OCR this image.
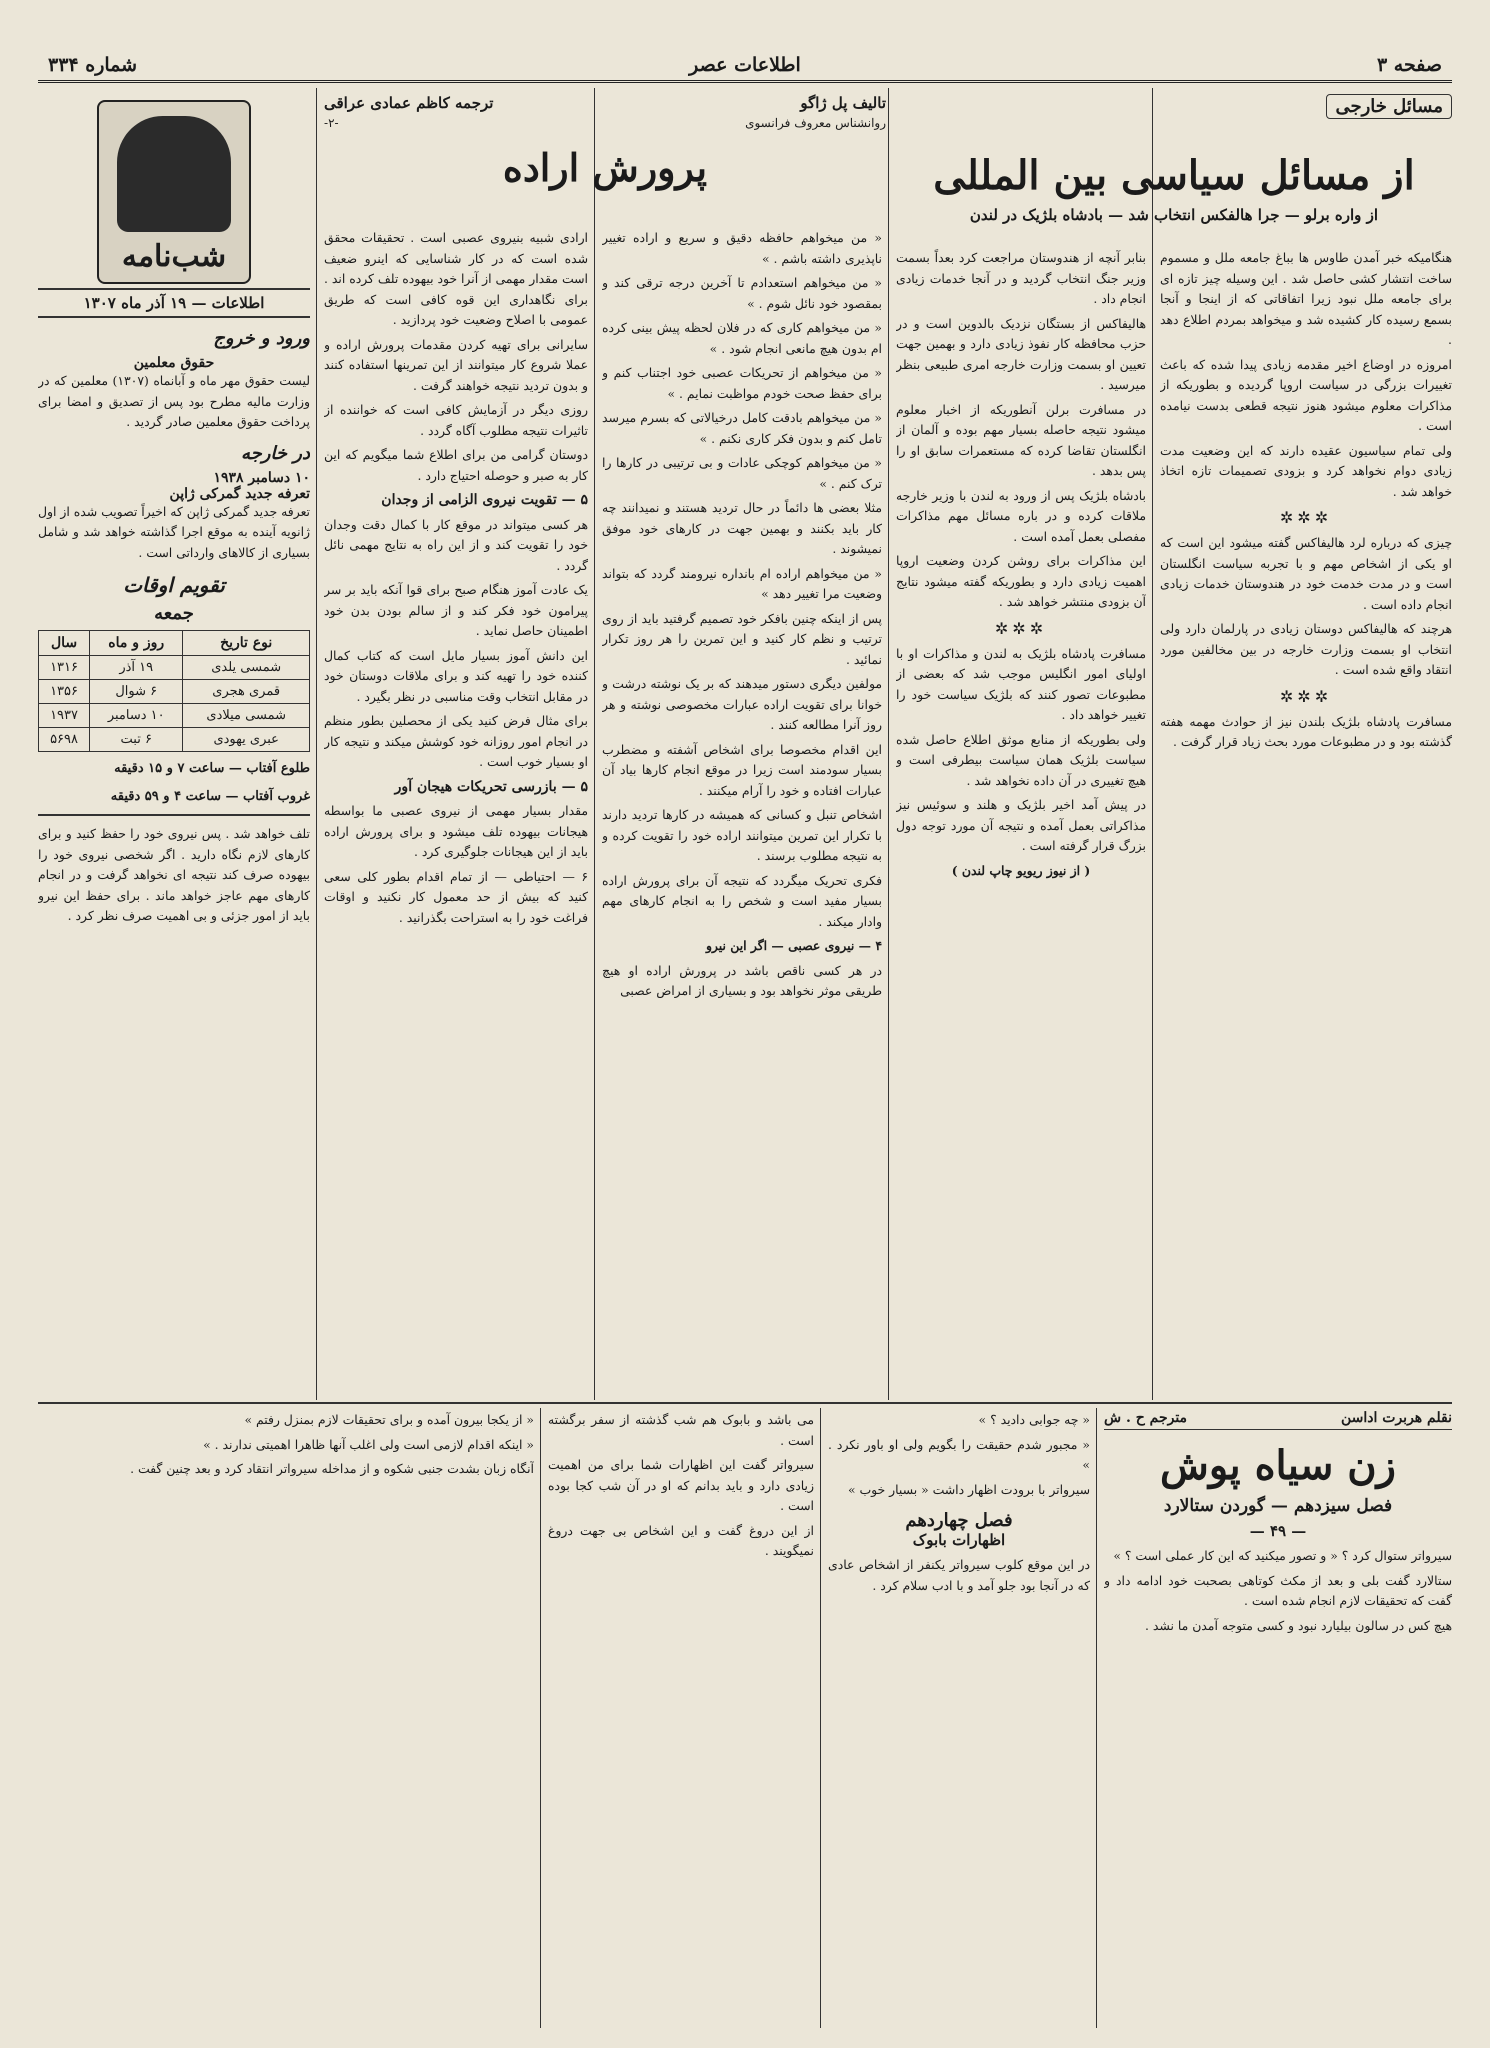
صفحه ۳
اطلاعات عصر
شماره ۳۳۴
مسائل خارجی
از مسائل سیاسی بین المللی
از واره برلو — جرا هالفکس انتخاب شد — بادشاه بلژیک در لندن

هنگامیکه خبر آمدن طاوس ها بباغ جامعه ملل و مسموم ساخت انتشار کشی حاصل شد . این وسیله چیز تازه ای برای جامعه ملل نبود زیرا اتفاقاتی که از اینجا و آنجا بسمع رسیده کار کشیده شد و میخواهد بمردم اطلاع دهد .

امروزه در اوضاع اخیر مقدمه زیادی پیدا شده که باعث تغییرات بزرگی در سیاست اروپا گردیده و بطوریکه از مذاکرات معلوم میشود هنوز نتیجه قطعی بدست نیامده است .

ولی تمام سیاسیون عقیده دارند که این وضعیت مدت زیادی دوام نخواهد کرد و بزودی تصمیمات تازه اتخاذ خواهد شد .

✲✲✲

چیزی که درباره لرد هالیفاکس گفته میشود این است که او یکی از اشخاص مهم و با تجربه سیاست انگلستان است و در مدت خدمت خود در هندوستان خدمات زیادی انجام داده است .

هرچند که هالیفاکس دوستان زیادی در پارلمان دارد ولی انتخاب او بسمت وزارت خارجه در بین مخالفین مورد انتقاد واقع شده است .

✲✲✲

مسافرت پادشاه بلژیک بلندن نیز از حوادث مهمه هفته گذشته بود و در مطبوعات مورد بحث زیاد قرار گرفت .

بنابر آنچه از هندوستان مراجعت کرد بعداً بسمت وزیر جنگ انتخاب گردید و در آنجا خدمات زیادی انجام داد .

هالیفاکس از بستگان نزدیک بالدوین است و در حزب محافظه کار نفوذ زیادی دارد و بهمین جهت تعیین او بسمت وزارت خارجه امری طبیعی بنظر میرسید .

در مسافرت برلن آنطوریکه از اخبار معلوم میشود نتیجه حاصله بسیار مهم بوده و آلمان از انگلستان تقاضا کرده که مستعمرات سابق او را پس بدهد .

بادشاه بلژیک پس از ورود به لندن با وزیر خارجه ملاقات کرده و در باره مسائل مهم مذاکرات مفصلی بعمل آمده است .

این مذاکرات برای روشن کردن وضعیت اروپا اهمیت زیادی دارد و بطوریکه گفته میشود نتایج آن بزودی منتشر خواهد شد .

✲✲✲

مسافرت پادشاه بلژیک به لندن و مذاکرات او با اولیای امور انگلیس موجب شد که بعضی از مطبوعات تصور کنند که بلژیک سیاست خود را تغییر خواهد داد .

ولی بطوریکه از منابع موثق اطلاع حاصل شده سیاست بلژیک همان سیاست بیطرفی است و هیچ تغییری در آن داده نخواهد شد .

در پیش آمد اخیر بلژیک و هلند و سوئیس نیز مذاکراتی بعمل آمده و نتیجه آن مورد توجه دول بزرگ قرار گرفته است .

( از نیوز ریویو چاپ لندن )

تالیف پل ژاگو
ترجمه کاظم عمادی عراقی
روانشناس معروف فرانسوی
-۲-
پرورش اراده

« من میخواهم حافظه دقیق و سریع و اراده تغییر ناپذیری داشته باشم . »

« من میخواهم استعدادم تا آخرین درجه ترقی کند و بمقصود خود نائل شوم . »

« من میخواهم کاری که در فلان لحظه پیش بینی کرده ام بدون هیچ مانعی انجام شود . »

« من میخواهم از تحریکات عصبی خود اجتناب کنم و برای حفظ صحت خودم مواظبت نمایم . »

« من میخواهم بادقت کامل درخیالاتی که بسرم میرسد تامل کنم و بدون فکر کاری نکنم . »

« من میخواهم کوچکی عادات و بی ترتیبی در کارها را ترک کنم . »

مثلا بعضی ها دائماً در حال تردید هستند و نمیدانند چه کار باید بکنند و بهمین جهت در کارهای خود موفق نمیشوند .

« من میخواهم اراده ام بانداره نیرومند گردد که بتواند وضعیت مرا تغییر دهد »

پس از اینکه چنین بافکر خود تصمیم گرفتید باید از روی ترتیب و نظم کار کنید و این تمرین را هر روز تکرار نمائید .

مولفین دیگری دستور میدهند که بر یک نوشته درشت و خوانا برای تقویت اراده عبارات مخصوصی نوشته و هر روز آنرا مطالعه کنند .

این اقدام مخصوصا برای اشخاص آشفته و مضطرب بسیار سودمند است زیرا در موقع انجام کارها بیاد آن عبارات افتاده و خود را آرام میکنند .

اشخاص تنبل و کسانی که همیشه در کارها تردید دارند با تکرار این تمرین میتوانند اراده خود را تقویت کرده و به نتیجه مطلوب برسند .

فکری تحریک میگردد که نتیجه آن برای پرورش اراده بسیار مفید است و شخص را به انجام کارهای مهم وادار میکند .

۴ — نیروی عصبی — اگر این نیرو

در هر کسی ناقص باشد در پرورش اراده او هیچ طریقی موثر نخواهد بود و بسیاری از امراض عصبی

ارادی شبیه بنیروی عصبی است . تحقیقات محقق شده است که در کار شناسایی که اینرو ضعیف است مقدار مهمی از آنرا خود بیهوده تلف کرده اند . برای نگاهداری این قوه کافی است که طریق عمومی با اصلاح وضعیت خود پردازید .

سایرانی برای تهیه کردن مقدمات پرورش اراده و عملا شروع کار میتوانند از این تمرینها استفاده کنند و بدون تردید نتیجه خواهند گرفت .

روزی دیگر در آزمایش کافی است که خواننده از تاثیرات نتیجه مطلوب آگاه گردد .

دوستان گرامی من برای اطلاع شما میگویم که این کار به صبر و حوصله احتیاج دارد .

۵ — تقویت نیروی الزامی از وجدان

هر کسی میتواند در موقع کار با کمال دقت وجدان خود را تقویت کند و از این راه به نتایج مهمی نائل گردد .

یک عادت آموز هنگام صبح برای قوا آنکه باید بر سر پیرامون خود فکر کند و از سالم بودن بدن خود اطمینان حاصل نماید .

این دانش آموز بسیار مایل است که کتاب کمال کننده خود را تهیه کند و برای ملاقات دوستان خود در مقابل انتخاب وقت مناسبی در نظر بگیرد .

برای مثال فرض کنید یکی از محصلین بطور منظم در انجام امور روزانه خود کوشش میکند و نتیجه کار او بسیار خوب است .

۵ — بازرسی تحریکات هیجان آور

مقدار بسیار مهمی از نیروی عصبی ما بواسطه هیجانات بیهوده تلف میشود و برای پرورش اراده باید از این هیجانات جلوگیری کرد .

۶ — احتیاطی — از تمام اقدام بطور کلی سعی کنید که بیش از حد معمول کار نکنید و اوقات فراغت خود را به استراحت بگذرانید .

شب‌نامه
اطلاعات — ۱۹ آذر ماه ۱۳۰۷
ورود و خروج
حقوق معلمین

لیست حقوق مهر ماه و آبانماه (۱۳۰۷) معلمین که در وزارت مالیه مطرح بود پس از تصدیق و امضا برای پرداخت حقوق معلمین صادر گردید .

در خارجه
۱۰ دسامبر ۱۹۳۸
تعرفه جدید گمرکی ژاپن

تعرفه جدید گمرکی ژاپن که اخیراً تصویب شده از اول ژانویه آینده به موقع اجرا گذاشته خواهد شد و شامل بسیاری از کالاهای وارداتی است .

تقویم اوقات
جمعه
نوع تاریخ	روز و ماه	سال
شمسی یلدی	۱۹ آذر	۱۳۱۶
قمری هجری	۶ شوال	۱۳۵۶
شمسی میلادی	۱۰ دسامبر	۱۹۳۷
عبری یهودی	۶ تبت	۵۶۹۸
طلوع آفتاب — ساعت ۷ و ۱۵ دقیقه
غروب آفتاب — ساعت ۴ و ۵۹ دقیقه

تلف خواهد شد . پس نیروی خود را حفظ کنید و برای کارهای لازم نگاه دارید . اگر شخصی نیروی خود را بیهوده صرف کند نتیجه ای نخواهد گرفت و در انجام کارهای مهم عاجز خواهد ماند . برای حفظ این نیرو باید از امور جزئی و بی اهمیت صرف نظر کرد .

نقلم هربرت اداسن
مترجم ح . ش
زن سیاه پوش
فصل سیزدهم — گوردن ستالارد
— ۴۹ —

سیرواتر ستوال کرد ؟ « و تصور میکنید که این کار عملی است ؟ »

ستالارد گفت بلی و بعد از مکث کوتاهی بصحبت خود ادامه داد و گفت که تحقیقات لازم انجام شده است .

هیچ کس در سالون بیلیارد نبود و کسی متوجه آمدن ما نشد .

« چه جوابی دادید ؟ »

« مجبور شدم حقیقت را بگویم ولی او باور نکرد . »

سیرواتر با برودت اظهار داشت « بسیار خوب »

فصل چهاردهم
اظهارات بابوک

در این موقع کلوب سیرواتر یکنفر از اشخاص عادی که در آنجا بود جلو آمد و با ادب سلام کرد .

می باشد و بابوک هم شب گذشته از سفر برگشته است .

سیرواتر گفت این اظهارات شما برای من اهمیت زیادی دارد و باید بدانم که او در آن شب کجا بوده است .

از این دروغ گفت و این اشخاص بی جهت دروغ نمیگویند .

« از یکجا بیرون آمده و برای تحقیقات لازم بمنزل رفتم »

« اینکه اقدام لازمی است ولی اغلب آنها ظاهرا اهمیتی ندارند . »

آنگاه زبان بشدت جنبی شکوه و از مداخله سیرواتر انتقاد کرد و بعد چنین گفت .
